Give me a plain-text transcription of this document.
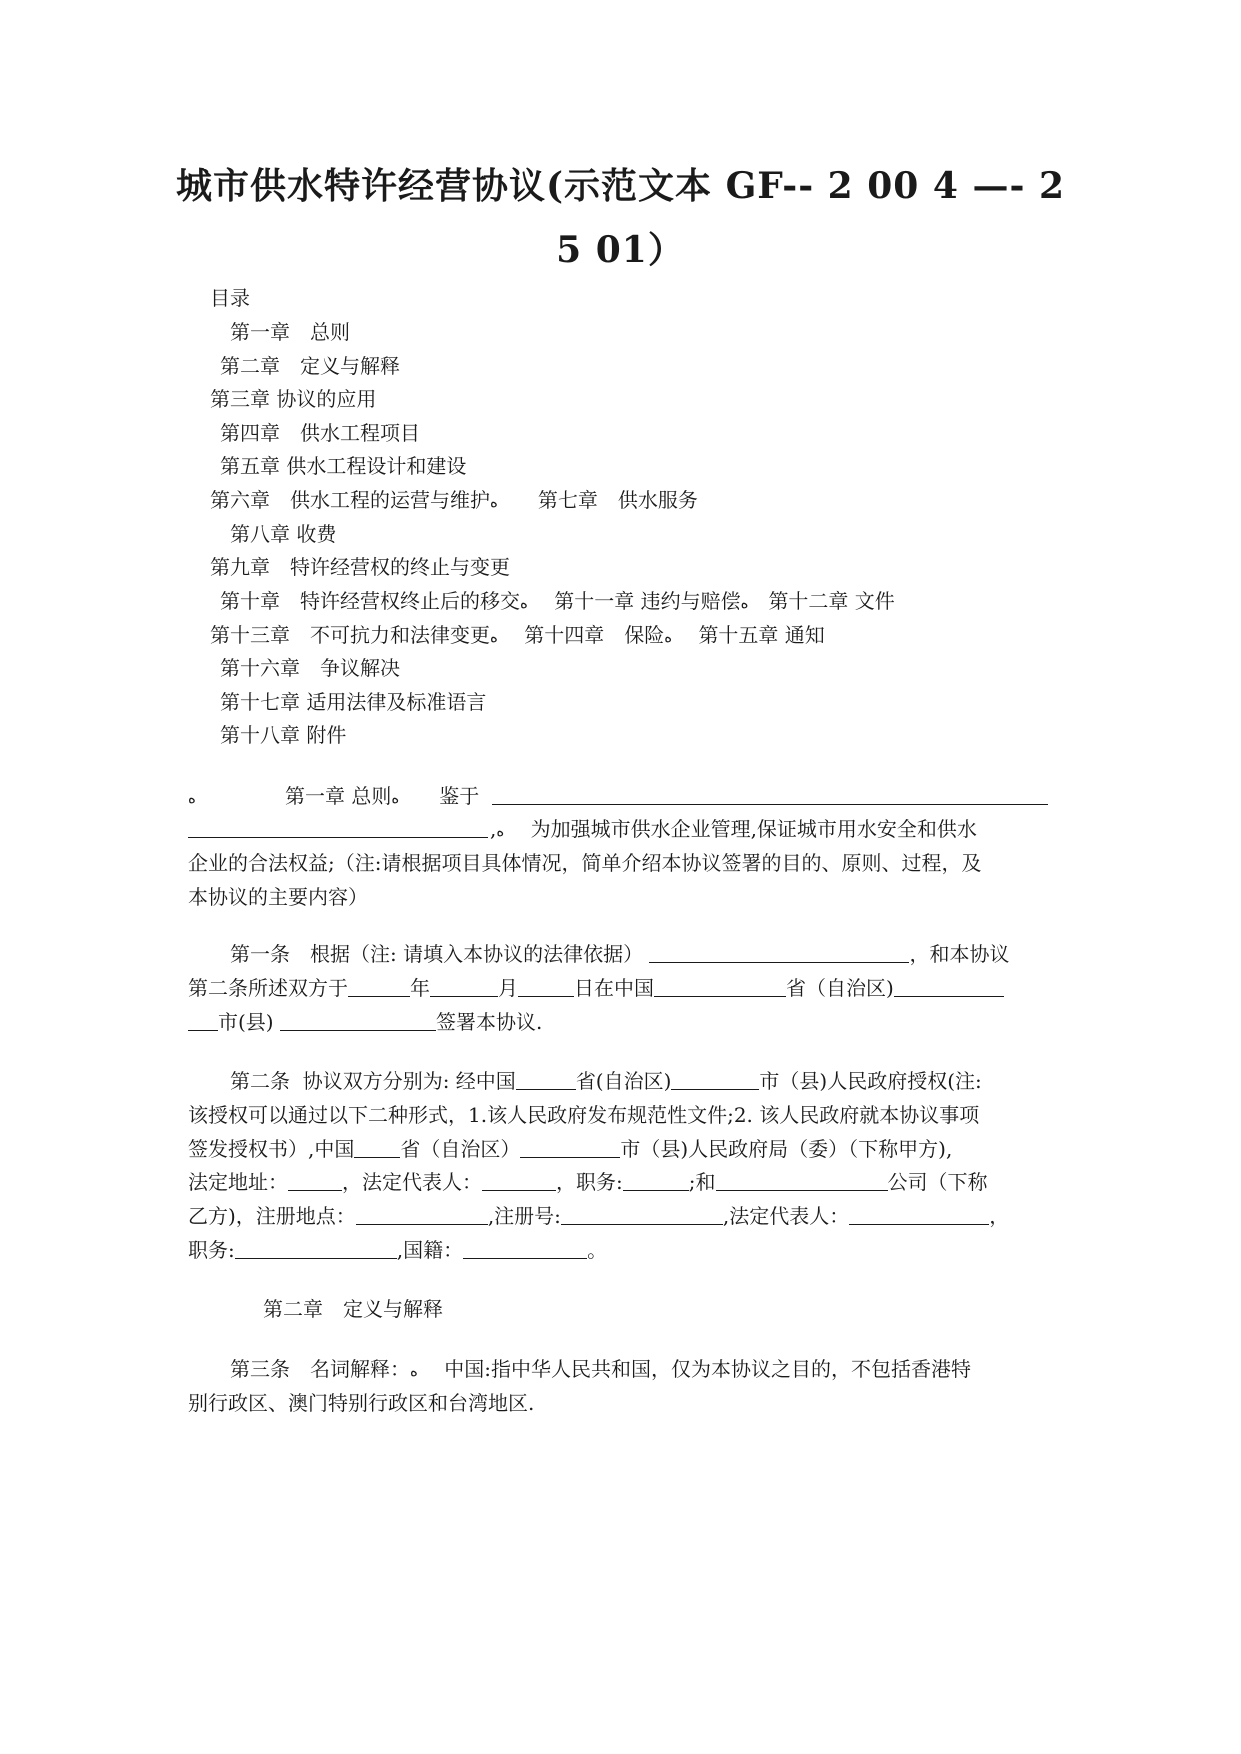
城市供水特许经营协议(示范文本 GF-- 2 00 4 —- 2
5 01）
目录
第一章　总则
第二章　定义与解释
第三章 协议的应用
第四章　供水工程项目
第五章 供水工程设计和建设
第六章　供水工程的运营与维护ﻩ　　 第七章　供水服务
第八章 收费
第九章　特许经营权的终止与变更
第十章　特许经营权终止后的移交ﻩ　 第十一章 违约与赔偿ﻩ　 第十二章 文件
第十三章　不可抗力和法律变更ﻩ　 第十四章　保险ﻩ　 第十五章 通知
第十六章　争议解决
第十七章 适用法律及标准语言
第十八章 附件
ﻩ	第一章 总则ﻩ　　 鉴于
,ﻩ　 为加强城市供水企业管理,保证城市用水安全和供水
企业的合法权益;（注:请根据项目具体情况，简单介绍本协议签署的目的、原则、过程，及
本协议的主要内容）
第一条　根据（注: 请填入本协议的法律依据）	，和本协议
第二条所述双方于	年	月	日在中国	省（自治区)
市(县)	签署本协议.
第二条  协议双方分别为: 经中国	省(自治区)	市（县)人民政府授权(注:
该授权可以通过以下二种形式，1.该人民政府发布规范性文件;2. 该人民政府就本协议事项
签发授权书）,中国 省（自治区）	市（县)人民政府局（委）（下称甲方),
法定地址：	，法定代表人：	，职务:	;和	公司（下称
乙方)，注册地点：	,注册号:	,法定代表人：	，
职务:	,国籍：	。
第二章　定义与解释
第三条　名词解释：ﻩ　 中国:指中华人民共和国，仅为本协议之目的，不包括香港特
别行政区、澳门特别行政区和台湾地区.
